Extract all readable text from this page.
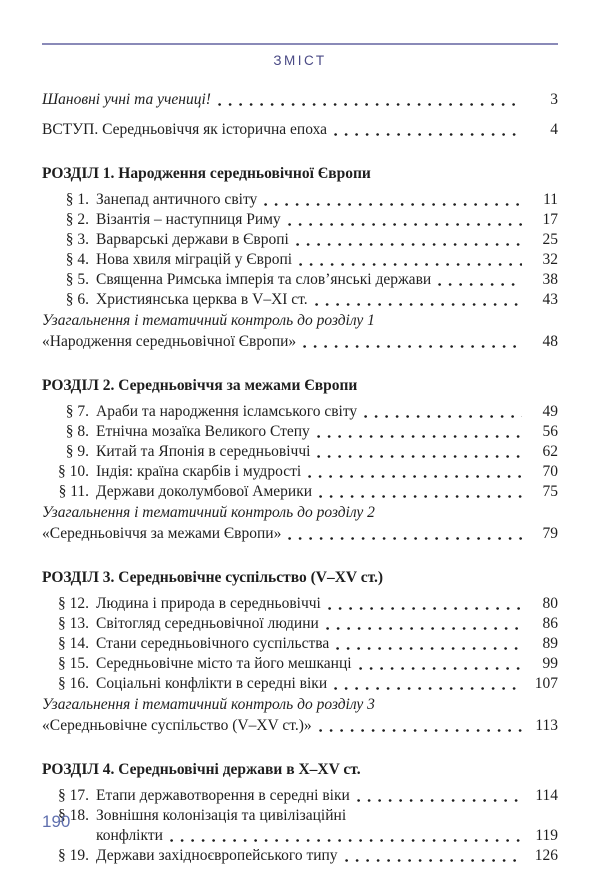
ЗМІСТ
Шановні учні та учениці!	3
ВСТУП. Середньовіччя як історична епоха	4
РОЗДІЛ 1. Народження середньовічної Європи
§ 1. Занепад античного світу	11
§ 2. Візантія – наступниця Риму	17
§ 3. Варварські держави в Європі	25
§ 4. Нова хвиля міграцій у Європі	32
§ 5. Священна Римська імперія та слов’янські держави	38
§ 6. Християнська церква в V–XI ст.	43
Узагальнення і тематичний контроль до розділу 1
«Народження середньовічної Європи»	48
РОЗДІЛ 2. Середньовіччя за межами Європи
§ 7. Араби та народження ісламського світу	49
§ 8. Етнічна мозаїка Великого Степу	56
§ 9. Китай та Японія в середньовіччі	62
§ 10. Індія: країна скарбів і мудрості	70
§ 11. Держави доколумбової Америки	75
Узагальнення і тематичний контроль до розділу 2
«Середньовіччя за межами Європи»	79
РОЗДІЛ 3. Середньовічне суспільство (V–XV ст.)
§ 12. Людина і природа в середньовіччі	80
§ 13. Світогляд середньовічної людини	86
§ 14. Стани середньовічного суспільства	89
§ 15. Середньовічне місто та його мешканці	99
§ 16. Соціальні конфлікти в середні віки	107
Узагальнення і тематичний контроль до розділу 3
«Середньовічне суспільство (V–XV ст.)»	113
РОЗДІЛ 4. Середньовічні держави в X–XV ст.
§ 17. Етапи державотворення в середні віки	114
§ 18. Зовнішня колонізація та цивілізаційні
конфлікти	119
§ 19. Держави західноєвропейського типу	126
190
